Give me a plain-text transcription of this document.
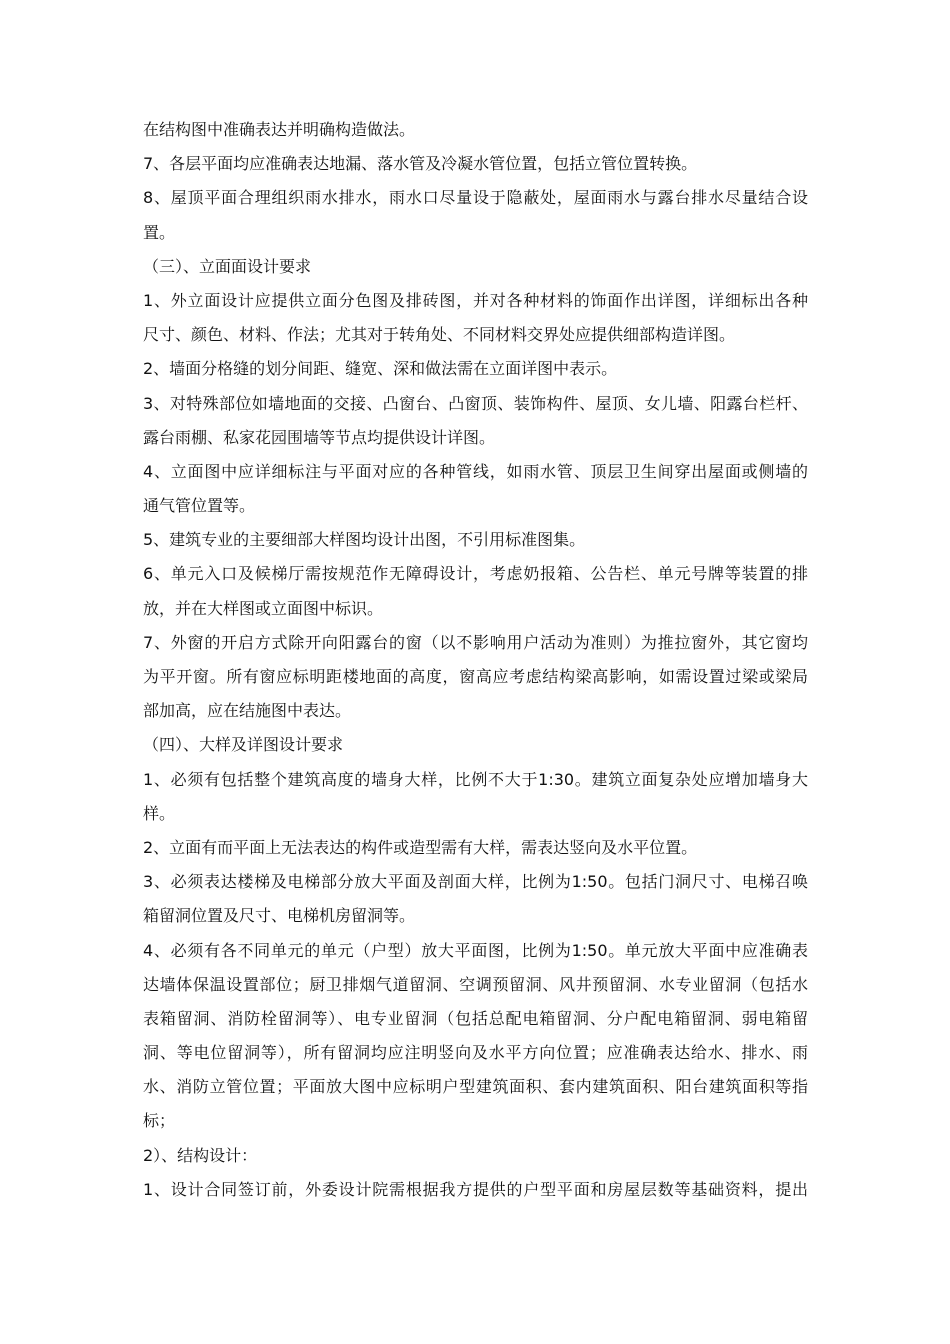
在结构图中准确表达并明确构造做法。
7、各层平面均应准确表达地漏、落水管及冷凝水管位置，包括立管位置转换。
8、屋顶平面合理组织雨水排水，雨水口尽量设于隐蔽处，屋面雨水与露台排水尽量结合设
置。
（三）、立面面设计要求
1、外立面设计应提供立面分色图及排砖图，并对各种材料的饰面作出详图，详细标出各种
尺寸、颜色、材料、作法；尤其对于转角处、不同材料交界处应提供细部构造详图。
2、墙面分格缝的划分间距、缝宽、深和做法需在立面详图中表示。
3、对特殊部位如墙地面的交接、凸窗台、凸窗顶、装饰构件、屋顶、女儿墙、阳露台栏杆、
露台雨棚、私家花园围墙等节点均提供设计详图。
4、立面图中应详细标注与平面对应的各种管线，如雨水管、顶层卫生间穿出屋面或侧墙的
通气管位置等。
5、建筑专业的主要细部大样图均设计出图，不引用标准图集。
6、单元入口及候梯厅需按规范作无障碍设计，考虑奶报箱、公告栏、单元号牌等装置的排
放，并在大样图或立面图中标识。
7、外窗的开启方式除开向阳露台的窗（以不影响用户活动为准则）为推拉窗外，其它窗均
为平开窗。所有窗应标明距楼地面的高度，窗高应考虑结构梁高影响，如需设置过梁或梁局
部加高，应在结施图中表达。
（四）、大样及详图设计要求
1、必须有包括整个建筑高度的墙身大样，比例不大于1:30。建筑立面复杂处应增加墙身大
样。
2、立面有而平面上无法表达的构件或造型需有大样，需表达竖向及水平位置。
3、必须表达楼梯及电梯部分放大平面及剖面大样，比例为1:50。包括门洞尺寸、电梯召唤
箱留洞位置及尺寸、电梯机房留洞等。
4、必须有各不同单元的单元（户型）放大平面图，比例为1:50。单元放大平面中应准确表
达墙体保温设置部位；厨卫排烟气道留洞、空调预留洞、风井预留洞、水专业留洞（包括水
表箱留洞、消防栓留洞等）、电专业留洞（包括总配电箱留洞、分户配电箱留洞、弱电箱留
洞、等电位留洞等），所有留洞均应注明竖向及水平方向位置；应准确表达给水、排水、雨
水、消防立管位置；平面放大图中应标明户型建筑面积、套内建筑面积、阳台建筑面积等指
标；
2）、结构设计：
1、设计合同签订前，外委设计院需根据我方提供的户型平面和房屋层数等基础资料，提出
